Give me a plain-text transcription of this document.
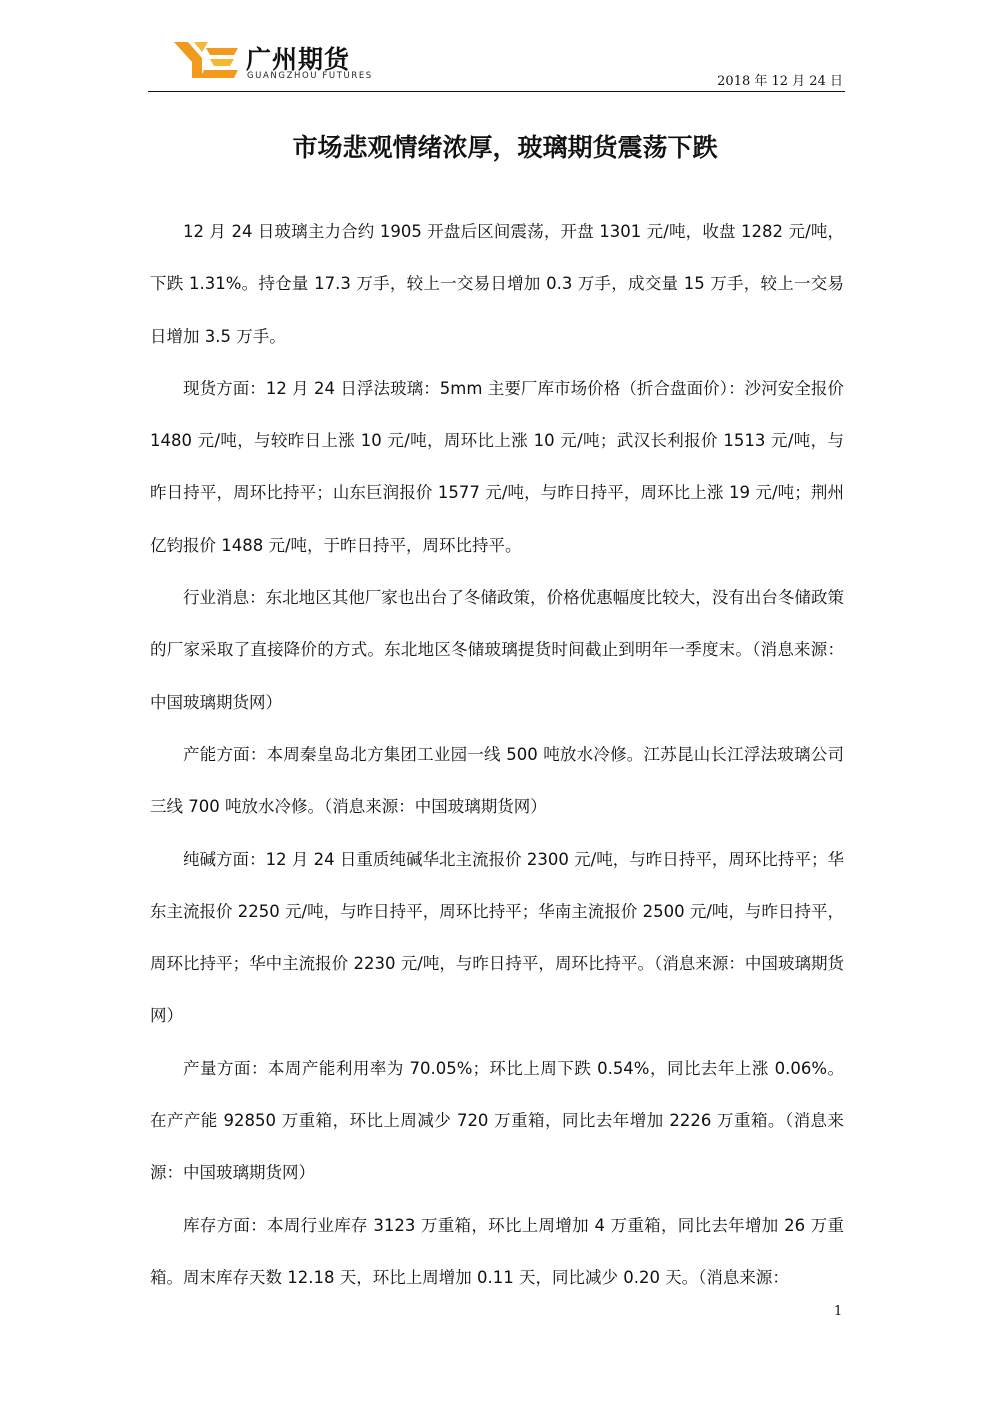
广州期货
GUANGZHOU FUTURES	2018 年 12 月 24 日
市场悲观情绪浓厚，玻璃期货震荡下跌

12 月 24 日玻璃主力合约 1905 开盘后区间震荡，开盘 1301 元/吨，收盘 1282 元/吨，下跌 1.31%。持仓量 17.3 万手，较上一交易日增加 0.3 万手，成交量 15 万手，较上一交易日增加 3.5 万手。

现货方面：12 月 24 日浮法玻璃：5mm 主要厂库市场价格（折合盘面价）：沙河安全报价 1480 元/吨，与较昨日上涨 10 元/吨，周环比上涨 10 元/吨；武汉长利报价 1513 元/吨，与昨日持平，周环比持平；山东巨润报价 1577 元/吨，与昨日持平，周环比上涨 19 元/吨；荆州亿钧报价 1488 元/吨，于昨日持平，周环比持平。

行业消息：东北地区其他厂家也出台了冬储政策，价格优惠幅度比较大，没有出台冬储政策的厂家采取了直接降价的方式。东北地区冬储玻璃提货时间截止到明年一季度末。（消息来源：中国玻璃期货网）

产能方面：本周秦皇岛北方集团工业园一线 500 吨放水冷修。江苏昆山长江浮法玻璃公司三线 700 吨放水冷修。（消息来源：中国玻璃期货网）

纯碱方面：12 月 24 日重质纯碱华北主流报价 2300 元/吨，与昨日持平，周环比持平；华东主流报价 2250 元/吨，与昨日持平，周环比持平；华南主流报价 2500 元/吨，与昨日持平，周环比持平；华中主流报价 2230 元/吨，与昨日持平，周环比持平。（消息来源：中国玻璃期货网）

产量方面：本周产能利用率为 70.05%；环比上周下跌 0.54%，同比去年上涨 0.06%。在产产能 92850 万重箱，环比上周减少 720 万重箱，同比去年增加 2226 万重箱。（消息来源：中国玻璃期货网）

库存方面：本周行业库存 3123 万重箱，环比上周增加 4 万重箱，同比去年增加 26 万重箱。周末库存天数 12.18 天，环比上周增加 0.11 天，同比减少 0.20 天。（消息来源：

1
